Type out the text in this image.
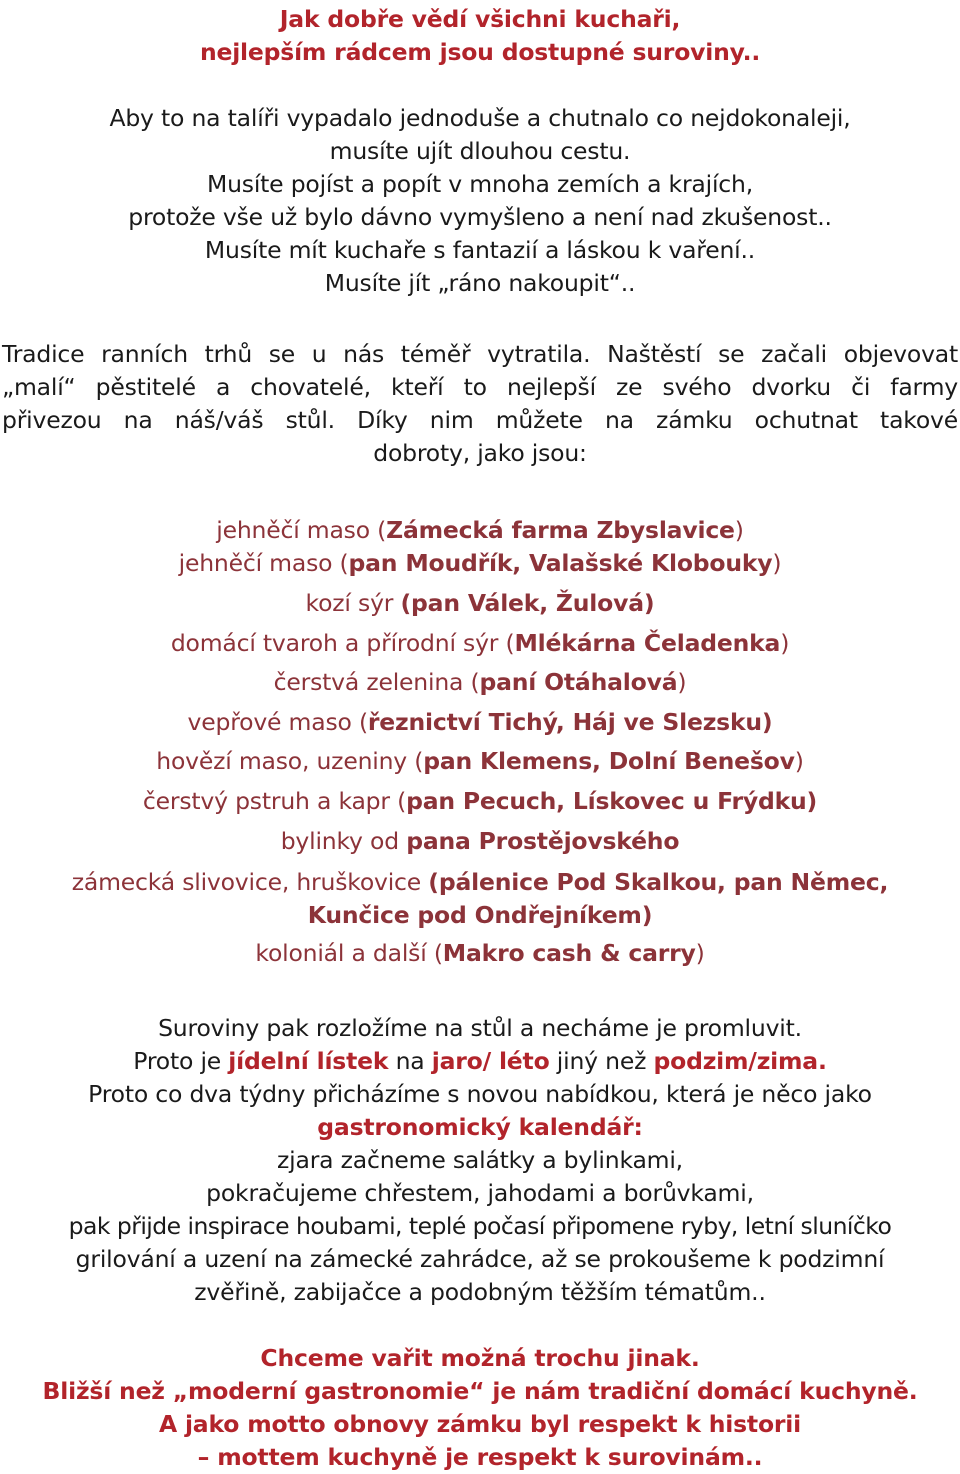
Jak dobře vědí všichni kuchaři,
nejlepším rádcem jsou dostupné suroviny..
Aby to na talíři vypadalo jednoduše a chutnalo co nejdokonaleji,
musíte ujít dlouhou cestu.
Musíte pojíst a popít v mnoha zemích a krajích,
protože vše už bylo dávno vymyšleno a není nad zkušenost..
Musíte mít kuchaře s fantazií a láskou k vaření..
Musíte jít „ráno nakoupit“..
Tradice ranních trhů se u nás téměř vytratila. Naštěstí se začali objevovat
„malí“ pěstitelé a chovatelé, kteří to nejlepší ze svého dvorku či farmy
přivezou na náš/váš stůl. Díky nim můžete na zámku ochutnat takové
dobroty, jako jsou:
jehněčí maso (Zámecká farma Zbyslavice)
jehněčí maso (pan Moudřík, Valašské Klobouky)
kozí sýr (pan Válek, Žulová)
domácí tvaroh a přírodní sýr (Mlékárna Čeladenka)
čerstvá zelenina (paní Otáhalová)
vepřové maso (řeznictví Tichý, Háj ve Slezsku)
hovězí maso, uzeniny (pan Klemens, Dolní Benešov)
čerstvý pstruh a kapr (pan Pecuch, Lískovec u Frýdku)
bylinky od pana Prostějovského
zámecká slivovice, hruškovice (pálenice Pod Skalkou, pan Němec,
Kunčice pod Ondřejníkem)
koloniál a další (Makro cash & carry)
Suroviny pak rozložíme na stůl a necháme je promluvit.
Proto je jídelní lístek na jaro/ léto jiný než podzim/zima.
Proto co dva týdny přicházíme s novou nabídkou, která je něco jako
gastronomický kalendář:
zjara začneme salátky a bylinkami,
pokračujeme chřestem, jahodami a borůvkami,
pak přijde inspirace houbami, teplé počasí připomene ryby, letní sluníčko
grilování a uzení na zámecké zahrádce, až se prokoušeme k podzimní
zvěřině, zabijačce a podobným těžším tématům..
Chceme vařit možná trochu jinak.
Bližší než „moderní gastronomie“ je nám tradiční domácí kuchyně.
A jako motto obnovy zámku byl respekt k historii
– mottem kuchyně je respekt k surovinám..
